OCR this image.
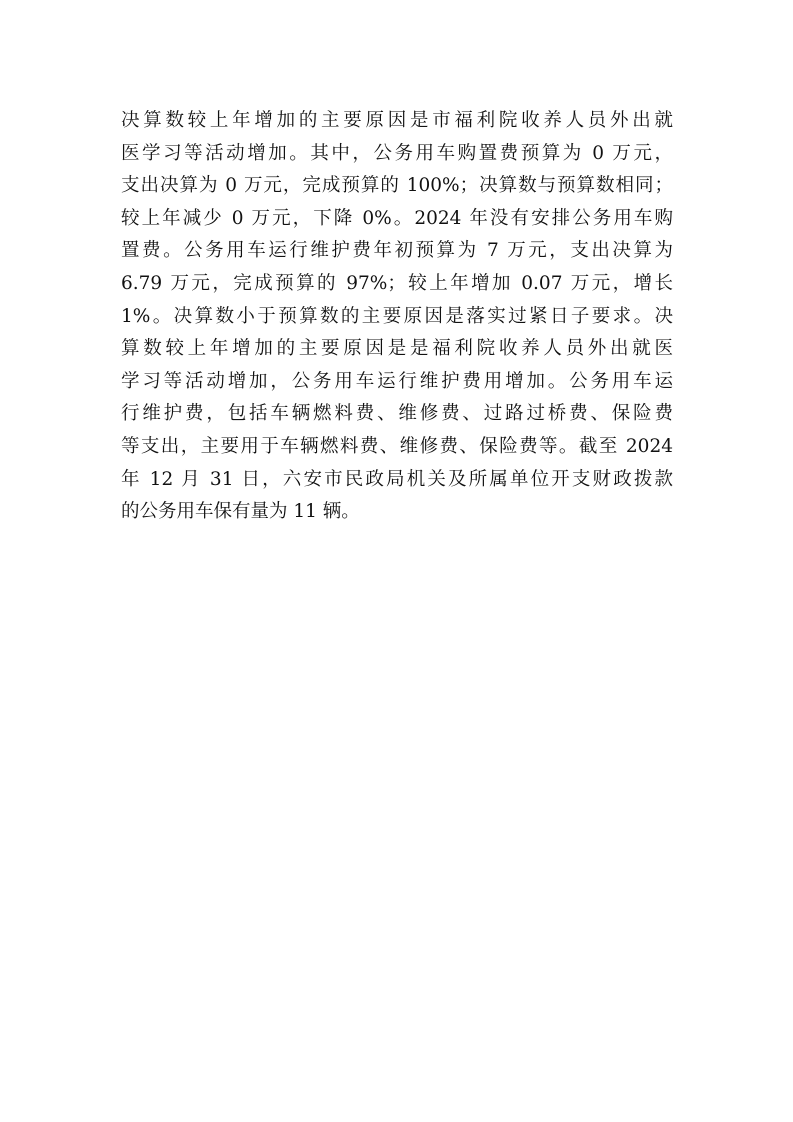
决算数较上年增加的主要原因是市福利院收养人员外出就
医学习等活动增加。其中，公务用车购置费预算为 0 万元，
支出决算为 0 万元，完成预算的 100%；决算数与预算数相同；
较上年减少 0 万元，下降 0%。2024 年没有安排公务用车购
置费。公务用车运行维护费年初预算为 7 万元，支出决算为
6.79 万元，完成预算的 97%；较上年增加 0.07 万元，增长
1%。决算数小于预算数的主要原因是落实过紧日子要求。决
算数较上年增加的主要原因是是福利院收养人员外出就医
学习等活动增加，公务用车运行维护费用增加。公务用车运
行维护费，包括车辆燃料费、维修费、过路过桥费、保险费
等支出，主要用于车辆燃料费、维修费、保险费等。截至 2024
年 12 月 31 日，六安市民政局机关及所属单位开支财政拨款
的公务用车保有量为 11 辆。
